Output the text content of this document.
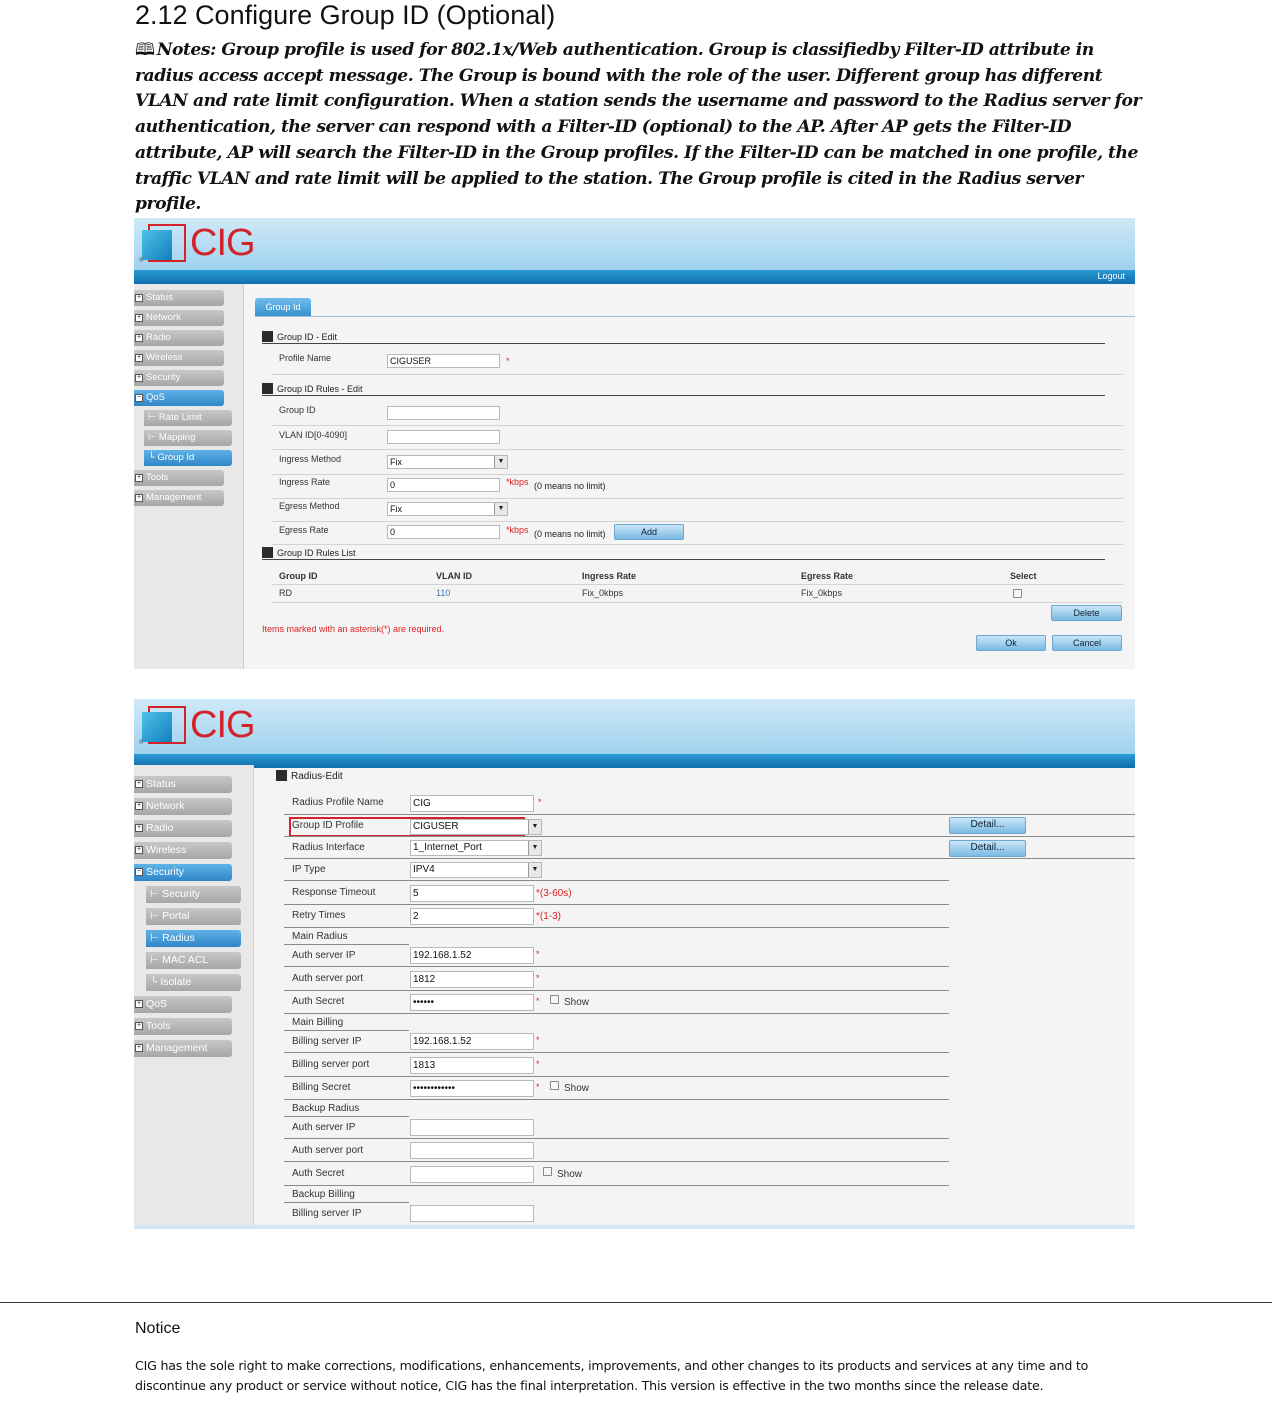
2.12 Configure Group ID (Optional)
🕮 Notes: Group profile is used for 802.1x/Web authentication. Group is classifiedby Filter-ID attribute in radius access accept message. The Group is bound with the role of the user. Different group has different VLAN and rate limit configuration. When a station sends the username and password to the Radius server for authentication, the server can respond with a Filter-ID (optional) to the AP. After AP gets the Filter-ID attribute, AP will search the Filter-ID in the Group profiles. If the Filter-ID can be matched in one profile, the traffic VLAN and rate limit will be applied to the station. The Group profile is cited in the Radius server profile.
® CIG
Logout
+ Status
+ Network
+ Radio
+ Wireless
+ Security
− QoS
⊢ Rate Limit
⊢ Mapping
└ Group Id
+ Tools
+ Management
Group Id
Group ID - Edit
Profile Name	CIGUSER	*
Group ID Rules - Edit
Group ID
VLAN ID[0-4090]
Ingress Method	Fix	▼
Ingress Rate	0	*kbps (0 means no limit)
Egress Method	Fix	▼
Egress Rate	0	*kbps (0 means no limit)	Add
Group ID Rules List
Group ID	VLAN ID	Ingress Rate	Egress Rate	Select
RD	110	Fix_0kbps	Fix_0kbps
Delete
Items marked with an asterisk(*) are required.
Ok	Cancel
® CIG
+ Status
+ Network
+ Radio
+ Wireless
− Security
⊢ Security
⊢ Portal
⊢ Radius
⊢ MAC ACL
└ Isolate
+ QoS
+ Tools
+ Management
Radius-Edit
Radius Profile Name	CIG	*
Group ID Profile	CIGUSER	▼	Detail...
Radius Interface	1_Internet_Port	▼	Detail...
IP Type	IPV4	▼
Response Timeout	5	*(3-60s)
Retry Times	2	*(1-3)
Main Radius
Auth server IP	192.168.1.52	*
Auth server port	1812	*
Auth Secret	••••••	* Show
Main Billing
Billing server IP	192.168.1.52	*
Billing server port	1813	*
Billing Secret	••••••••••••	* Show
Backup Radius
Auth server IP
Auth server port
Auth Secret	Show
Backup Billing
Billing server IP
Notice
CIG has the sole right to make corrections, modifications, enhancements, improvements, and other changes to its products and services at any time and to discontinue any product or service without notice, CIG has the final interpretation. This version is effective in the two months since the release date.
